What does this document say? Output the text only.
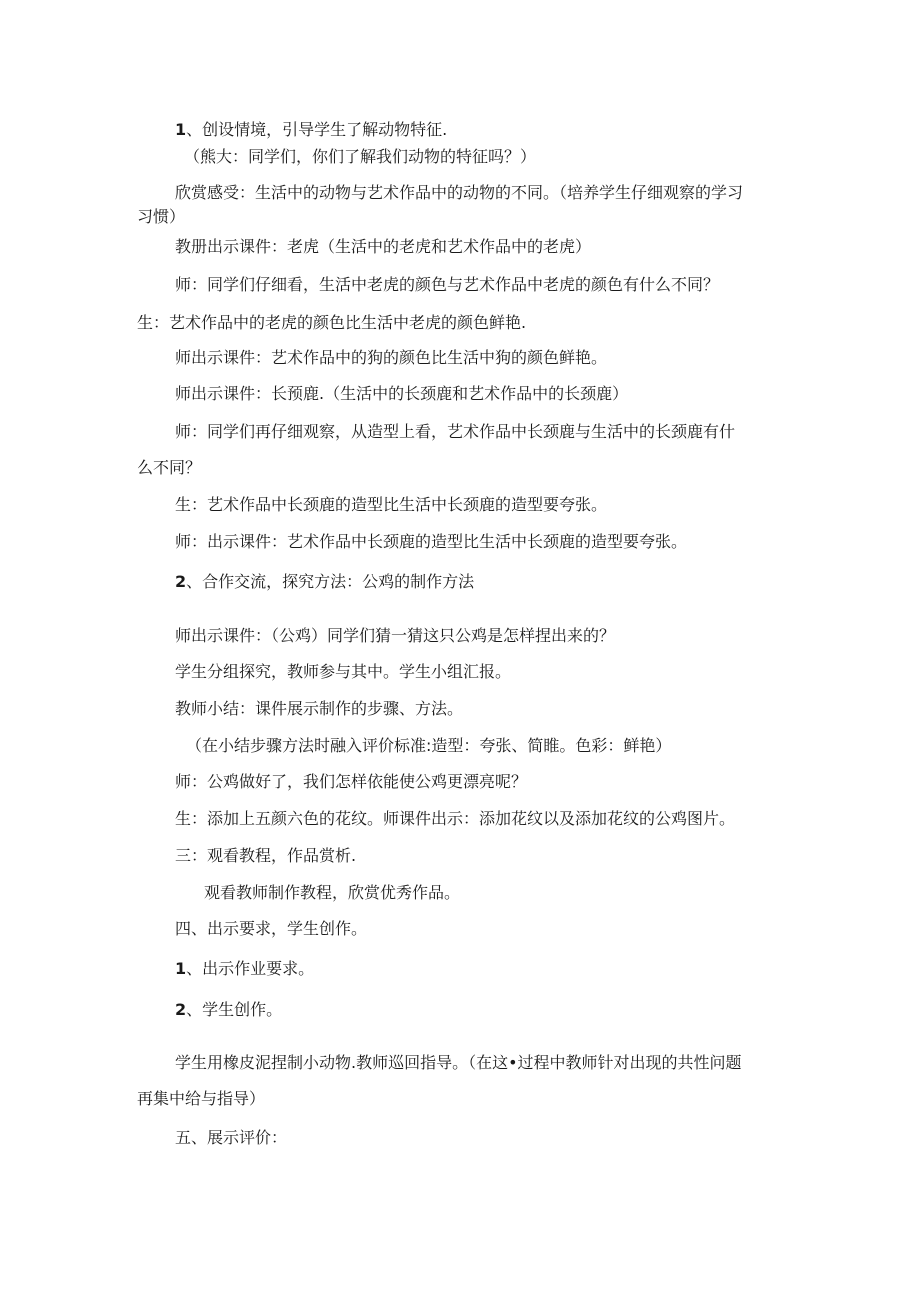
1、创设情境，引导学生了解动物特征.
（熊大：同学们，你们了解我们动物的特征吗？）
欣赏感受：生活中的动物与艺术作品中的动物的不同。（培养学生仔细观察的学习
习惯）
教册出示课件：老虎（生活中的老虎和艺术作品中的老虎）
师：同学们仔细看，生活中老虎的颜色与艺术作品中老虎的颜色有什么不同？
生：艺术作品中的老虎的颜色比生活中老虎的颜色鲜艳.
师出示课件：艺术作品中的狗的颜色比生活中狗的颜色鲜艳。
师出示课件：长预鹿.（生活中的长颈鹿和艺术作品中的长颈鹿）
师：同学们再仔细观察，从造型上看，艺术作品中长颈鹿与生活中的长颈鹿有什
么不同？
生：艺术作品中长颈鹿的造型比生活中长颈鹿的造型要夸张。
师：出示课件：艺术作品中长颈鹿的造型比生活中长颈鹿的造型要夸张。
2、合作交流，探究方法：公鸡的制作方法
师出示课件：（公鸡）同学们猜一猜这只公鸡是怎样捏出来的？
学生分组探究，教师参与其中。学生小组汇报。
教师小结：课件展示制作的步骤、方法。
（在小结步骤方法时融入评价标准:造型：夸张、简睢。色彩：鲜艳）
师：公鸡做好了，我们怎样依能使公鸡更漂亮呢？
生：添加上五颜六色的花纹。师课件出示：添加花纹以及添加花纹的公鸡图片。
三：观看教程，作品赏析.
观看教师制作教程，欣赏优秀作品。
四、出示要求，学生创作。
1、出示作业要求。
2、学生创作。
学生用橡皮泥捏制小动物.教师巡回指导。（在这•过程中教师针对出现的共性问题
再集中给与指导）
五、展示评价：
